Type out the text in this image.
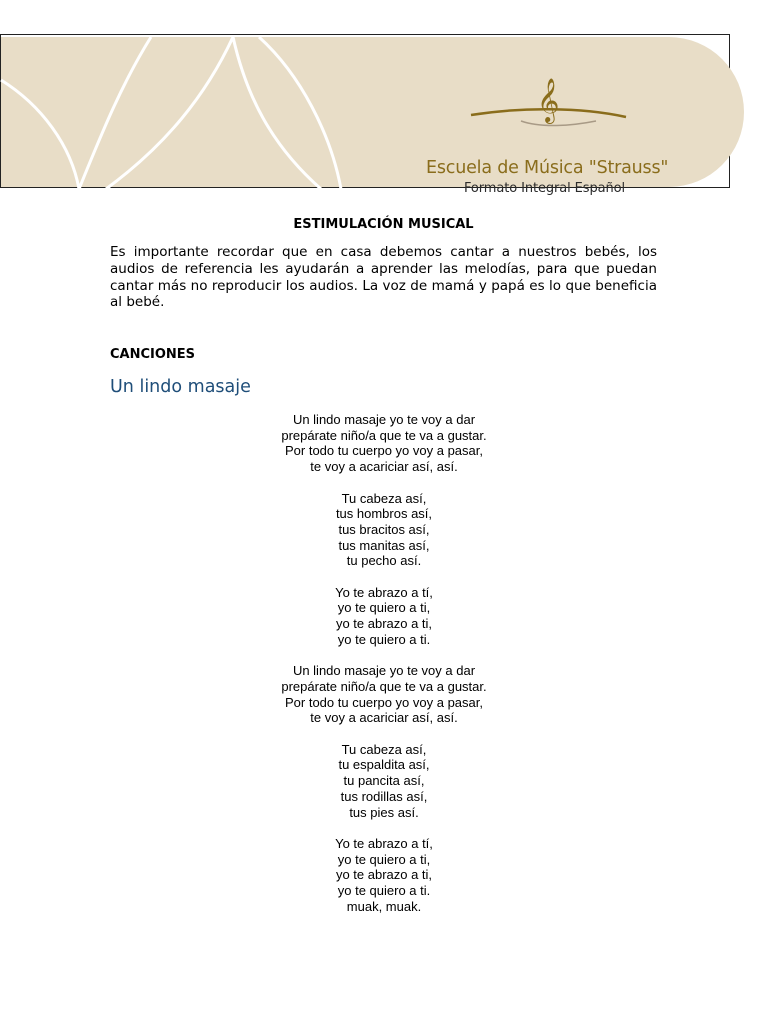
𝄞
Escuela de Música "Strauss"
Formato Integral Español
ESTIMULACIÓN MUSICAL

Es importante recordar que en casa debemos cantar a nuestros bebés, los audios de referencia les ayudarán a aprender las melodías, para que puedan cantar más no reproducir los audios. La voz de mamá y papá es lo que beneficia al bebé.

CANCIONES
Un lindo masaje

Un lindo masaje yo te voy a dar
prepárate niño/a que te va a gustar.
Por todo tu cuerpo yo voy a pasar,
te voy a acariciar así, así.

Tu cabeza así,
tus hombros así,
tus bracitos así,
tus manitas así,
tu pecho así.

Yo te abrazo a tí,
yo te quiero a ti,
yo te abrazo a ti,
yo te quiero a ti.

Un lindo masaje yo te voy a dar
prepárate niño/a que te va a gustar.
Por todo tu cuerpo yo voy a pasar,
te voy a acariciar así, así.

Tu cabeza así,
tu espaldita así,
tu pancita así,
tus rodillas así,
tus pies así.

Yo te abrazo a tí,
yo te quiero a ti,
yo te abrazo a ti,
yo te quiero a ti.
muak, muak.
